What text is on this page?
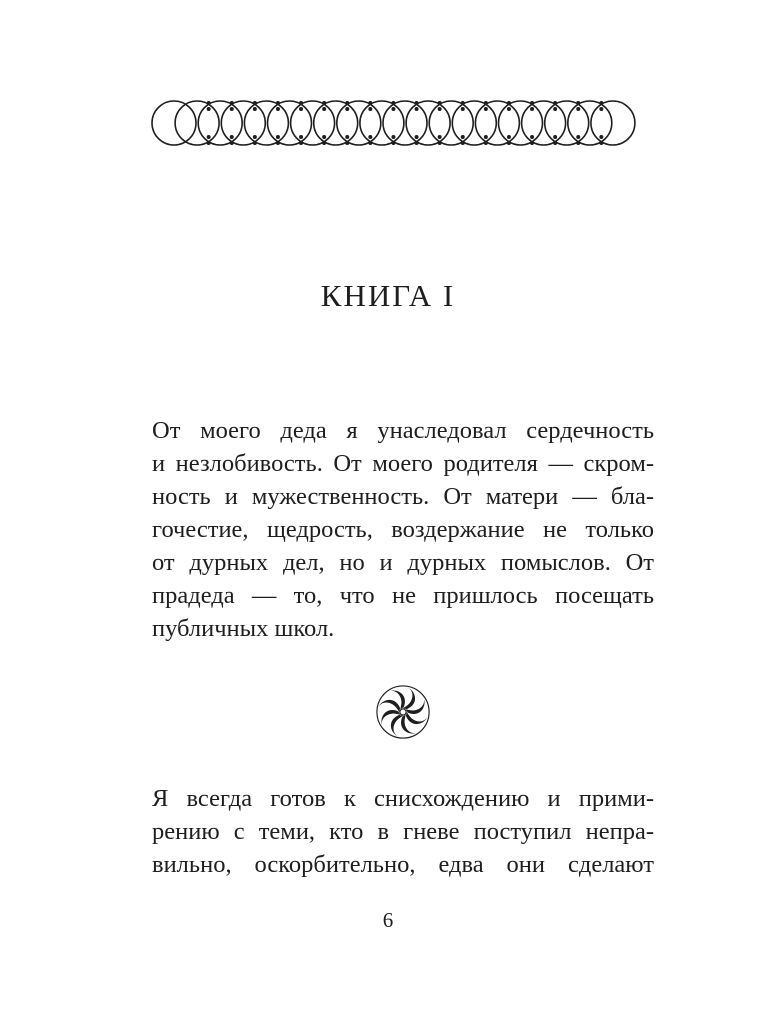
КНИГА I
От моего деда я унаследовал сердечность
и незлобивость. От моего родителя — скром-
ность и мужественность. От матери — бла-
гочестие, щедрость, воздержание не только
от дурных дел, но и дурных помыслов. От
прадеда — то, что не пришлось посещать
публичных школ.
Я всегда готов к снисхождению и прими-
рению с теми, кто в гневе поступил непра-
вильно, оскорбительно, едва они сделают
6
